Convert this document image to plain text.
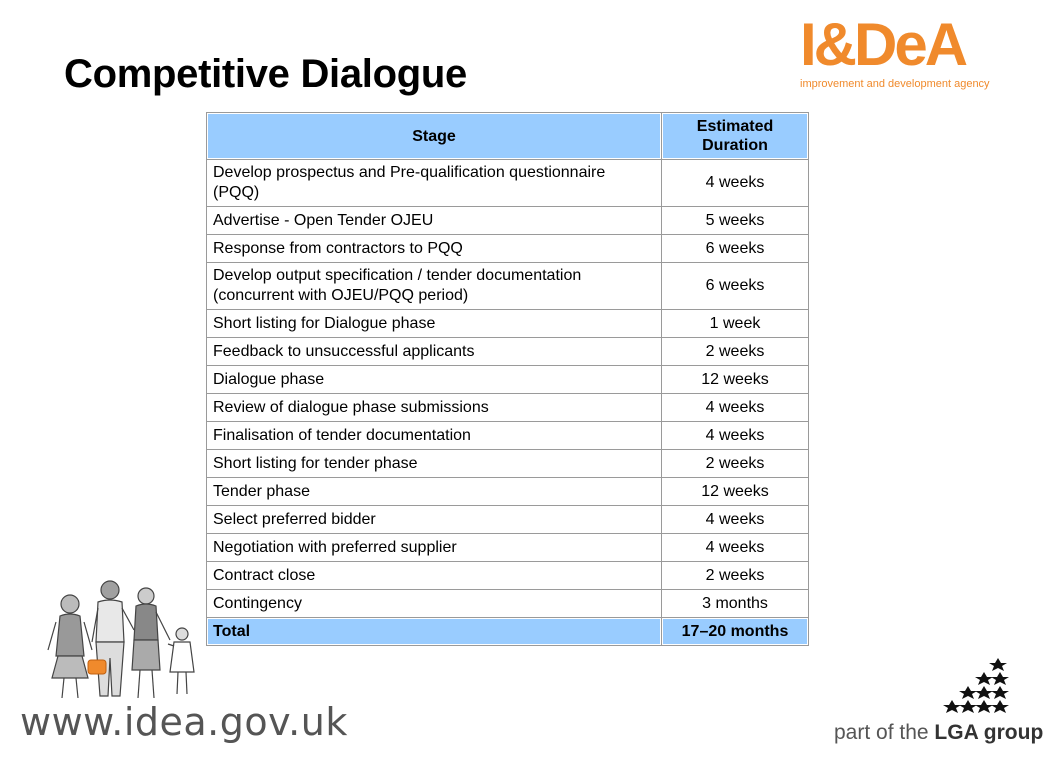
Competitive Dialogue	I&DeA
improvement and development agency
Stage	Estimated Duration
Develop prospectus and Pre-qualification questionnaire (PQQ)	4 weeks
Advertise - Open Tender OJEU	5 weeks
Response from contractors to PQQ	6 weeks
Develop output specification / tender documentation (concurrent with OJEU/PQQ period)	6 weeks
Short listing for Dialogue phase	1 week
Feedback to unsuccessful applicants	2 weeks
Dialogue phase	12 weeks
Review of dialogue phase submissions	4 weeks
Finalisation of tender documentation	4 weeks
Short listing for tender phase	2 weeks
Tender phase	12 weeks
Select preferred bidder	4 weeks
Negotiation with preferred supplier	4 weeks
Contract close	2 weeks
Contingency	3 months
Total	17–20 months
www.idea.gov.uk	part of the LGA group
